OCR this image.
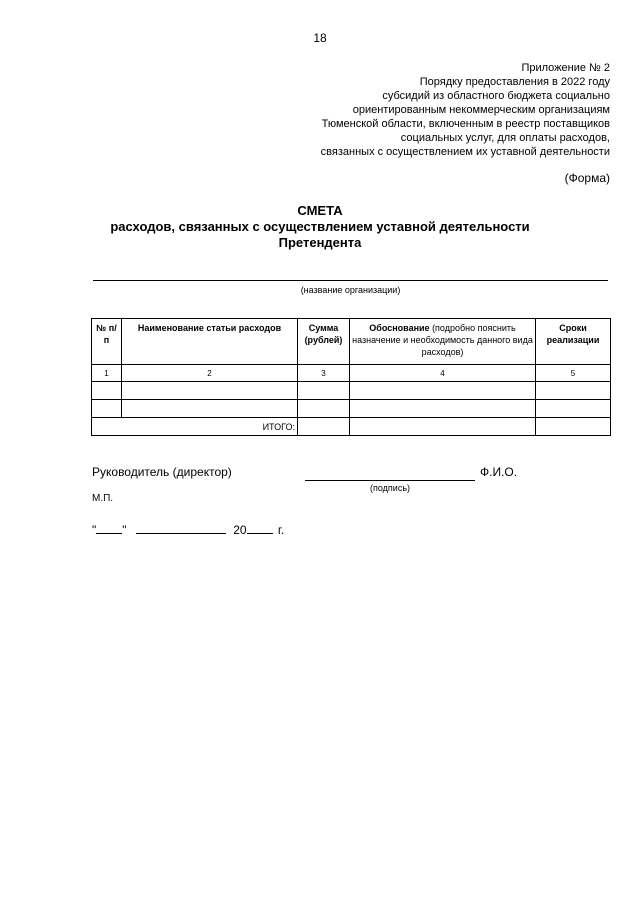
18
Приложение № 2
Порядку предоставления в 2022 году
субсидий из областного бюджета социально
ориентированным некоммерческим организациям
Тюменской области, включенным в реестр поставщиков
социальных услуг, для оплаты расходов,
связанных с осуществлением их уставной деятельности
(Форма)
СМЕТА
расходов, связанных с осуществлением уставной деятельности
Претендента
(название организации)
№ п/п	Наименование статьи расходов	Сумма (рублей)	Обоснование (подробно пояснить назначение и необходимость данного вида расходов)	Сроки реализации
1	2	3	4	5

ИТОГО:				
Руководитель (директор)	Ф.И.О.
(подпись)
М.П.
" "	20	г.
